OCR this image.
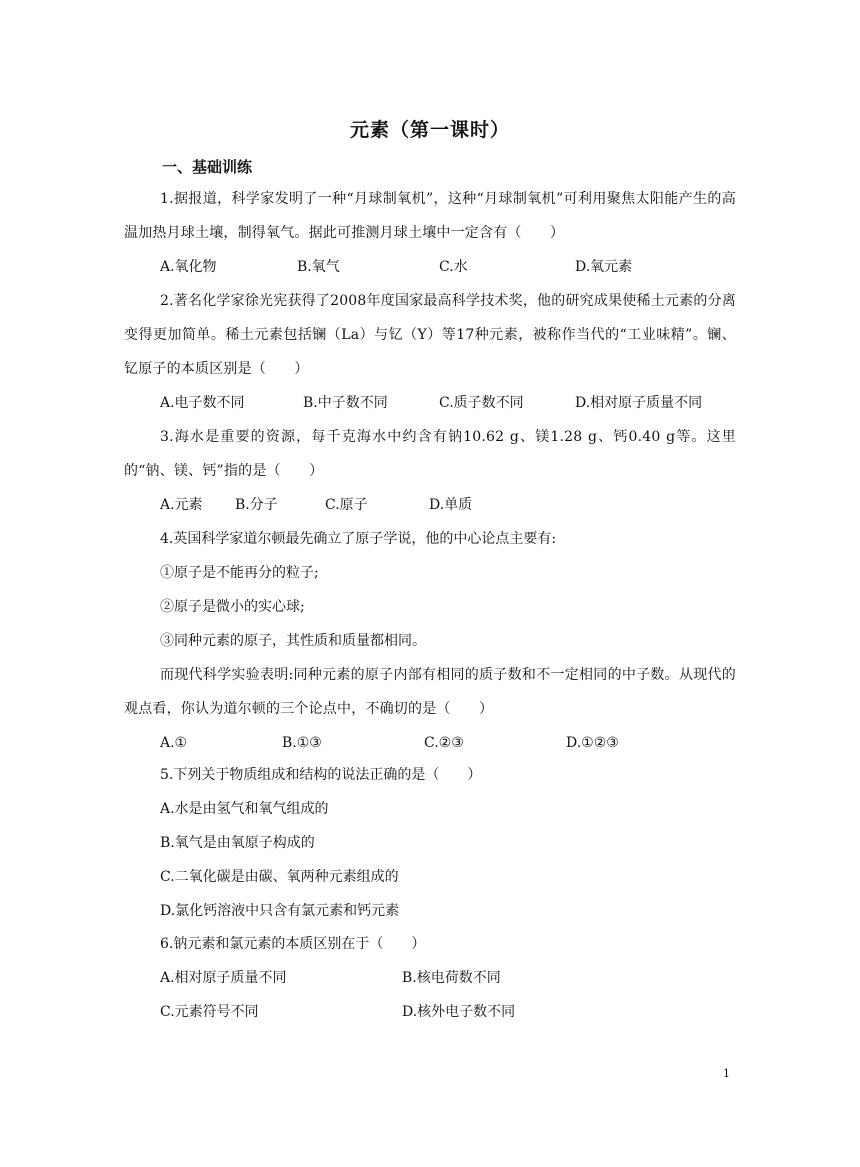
元素（第一课时）
一、基础训练

1.据报道，科学家发明了一种“月球制氧机”，这种“月球制氧机”可利用聚焦太阳能产生的高温加热月球土壤，制得氧气。据此可推测月球土壤中一定含有（　　）

A.氧化物	B.氧气	C.水	D.氧元素

2.著名化学家徐光宪获得了2008年度国家最高科学技术奖，他的研究成果使稀土元素的分离变得更加简单。稀土元素包括镧（La）与钇（Y）等17种元素，被称作当代的“工业味精”。镧、钇原子的本质区别是（　　）

A.电子数不同	B.中子数不同	C.质子数不同	D.相对原子质量不同

3.海水是重要的资源，每千克海水中约含有钠10.62 g、镁1.28 g、钙0.40 g等。这里的“钠、镁、钙”指的是（　　）

A.元素 B.分子	C.原子	D.单质

4.英国科学家道尔顿最先确立了原子学说，他的中心论点主要有:

①原子是不能再分的粒子;

②原子是微小的实心球;

③同种元素的原子，其性质和质量都相同。

而现代科学实验表明:同种元素的原子内部有相同的质子数和不一定相同的中子数。从现代的观点看，你认为道尔顿的三个论点中，不确切的是（　　）

A.①	B.①③	C.②③	D.①②③

5.下列关于物质组成和结构的说法正确的是（　　）

A.水是由氢气和氧气组成的

B.氧气是由氧原子构成的

C.二氧化碳是由碳、氧两种元素组成的

D.氯化钙溶液中只含有氯元素和钙元素

6.钠元素和氯元素的本质区别在于（　　）

A.相对原子质量不同	B.核电荷数不同
C.元素符号不同	D.核外电子数不同
1
